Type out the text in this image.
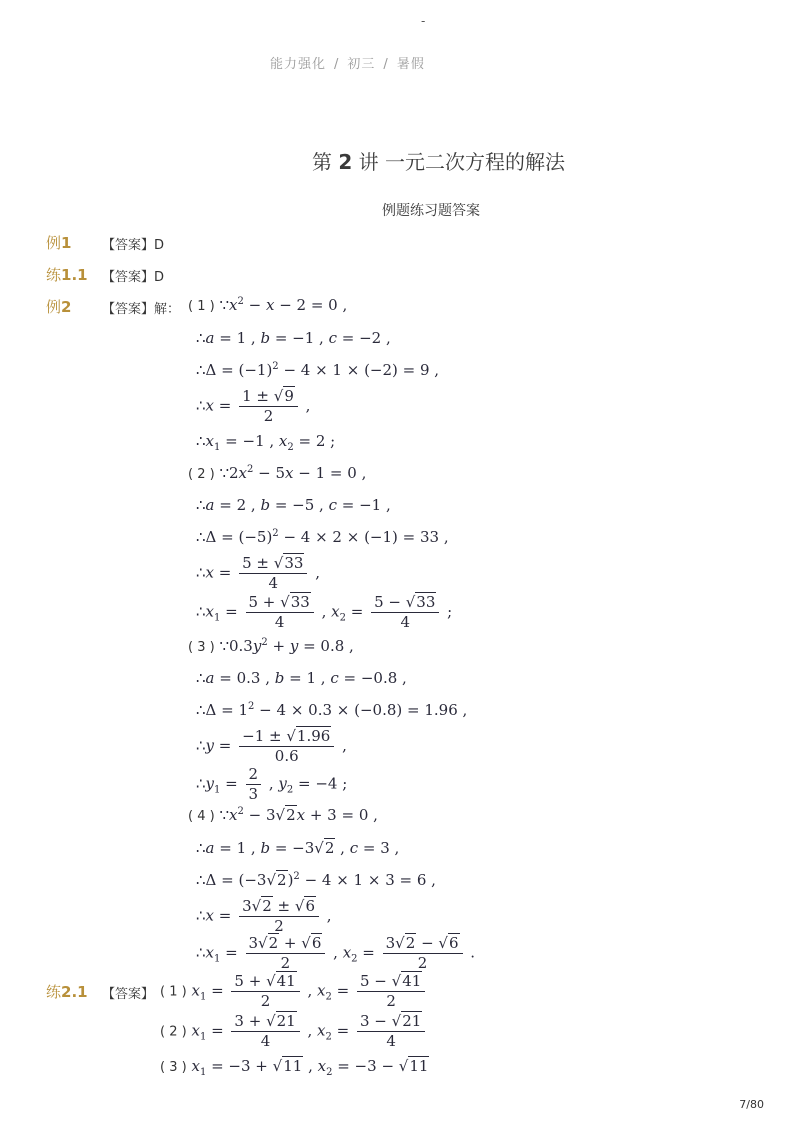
-
能力强化 / 初三 / 暑假
第 2 讲 一元二次方程的解法
例题练习题答案
例1 【答案】D
练1.1 【答案】D
例2 【答案】解： ( 1 ) $\because x^2 - x - 2 = 0$ ,
∴a = 1 , b = −1 , c = −2 ,
∴Δ = $(-1)^2 - 4 \times 1 \times (-2) = 9$ ,
∴x = $\frac{1 \pm √9}{2}$ ,
$\therefore x_1 = -1$ , $x_2 = 2$ ;
( 2 ) $\because 2x^2 - 5x - 1 = 0$ ,
∴a = 2 , b = −5 , c = −1 ,
∴Δ = $(-5)^2 - 4 \times 2 \times (-1) = 33$ ,
∴x = $\frac{5 \pm √33}{4}$ ,
$\therefore x_1 = \frac{5 + √33}{4}$ , $x_2 = \frac{5 - √33}{4}$ ;
( 3 ) $\because 0.3y^2 + y = 0.8$ ,
∴a = 0.3 , b = 1 , c = −0.8 ,
∴Δ = $1^2 - 4 \times 0.3 \times (-0.8) = 1.96$ ,
∴y = $\frac{-1 \pm √1.96}{0.6}$ ,
$\therefore y_1 = \frac{2}{3}$ , $y_2 = -4$ ;
( 4 ) $\because x^2 - 3√2x + 3 = 0$ ,
∴a = 1 , b = −3√2 , c = 3 ,
∴Δ = $(-3√2)^2 - 4 \times 1 \times 3 = 6$ ,
∴x = $\frac{3√2 \pm √6}{2}$ ,
$\therefore x_1 = \frac{3√2 + √6}{2}$ , $x_2 = \frac{3√2 - √6}{2}$ .
练2.1 【答案】 ( 1 ) $x_1 = \frac{5 + √41}{2}$ , $x_2 = \frac{5 - √41}{2}$
( 2 ) $x_1 = \frac{3 + √21}{4}$ , $x_2 = \frac{3 - √21}{4}$
( 3 ) $x_1 = -3 + √11$ , $x_2 = -3 - √11$
7/80
